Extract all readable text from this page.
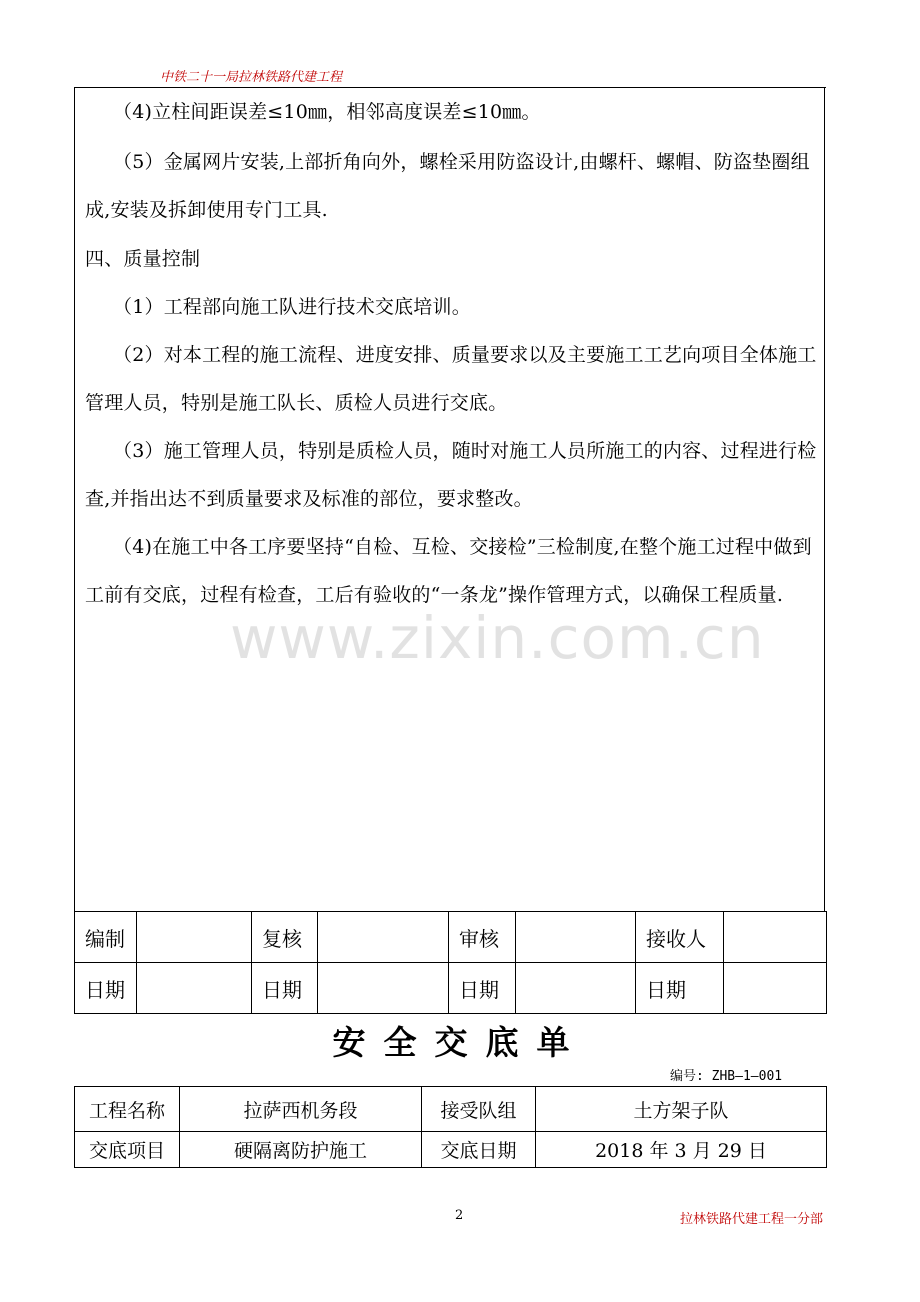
中铁二十一局拉林铁路代建工程
（4)立柱间距误差≤10㎜，相邻高度误差≤10㎜。
（5）金属网片安装,上部折角向外，螺栓采用防盗设计,由螺杆、螺帽、防盗垫圈组成,安装及拆卸使用专门工具.
四、质量控制
（1）工程部向施工队进行技术交底培训。
（2）对本工程的施工流程、进度安排、质量要求以及主要施工工艺向项目全体施工管理人员，特别是施工队长、质检人员进行交底。
（3）施工管理人员，特别是质检人员，随时对施工人员所施工的内容、过程进行检查,并指出达不到质量要求及标准的部位，要求整改。
（4)在施工中各工序要坚持“自检、互检、交接检”三检制度,在整个施工过程中做到工前有交底，过程有检查，工后有验收的“一条龙”操作管理方式，以确保工程质量.
www.zixin.com.cn
编制		复核		审核		接收人	
日期		日期		日期		日期	
安全交底单
编号: ZHB—1—001
工程名称	拉萨西机务段	接受队组	土方架子队
交底项目	硬隔离防护施工	交底日期	2018 年 3 月 29 日
2	拉林铁路代建工程一分部
